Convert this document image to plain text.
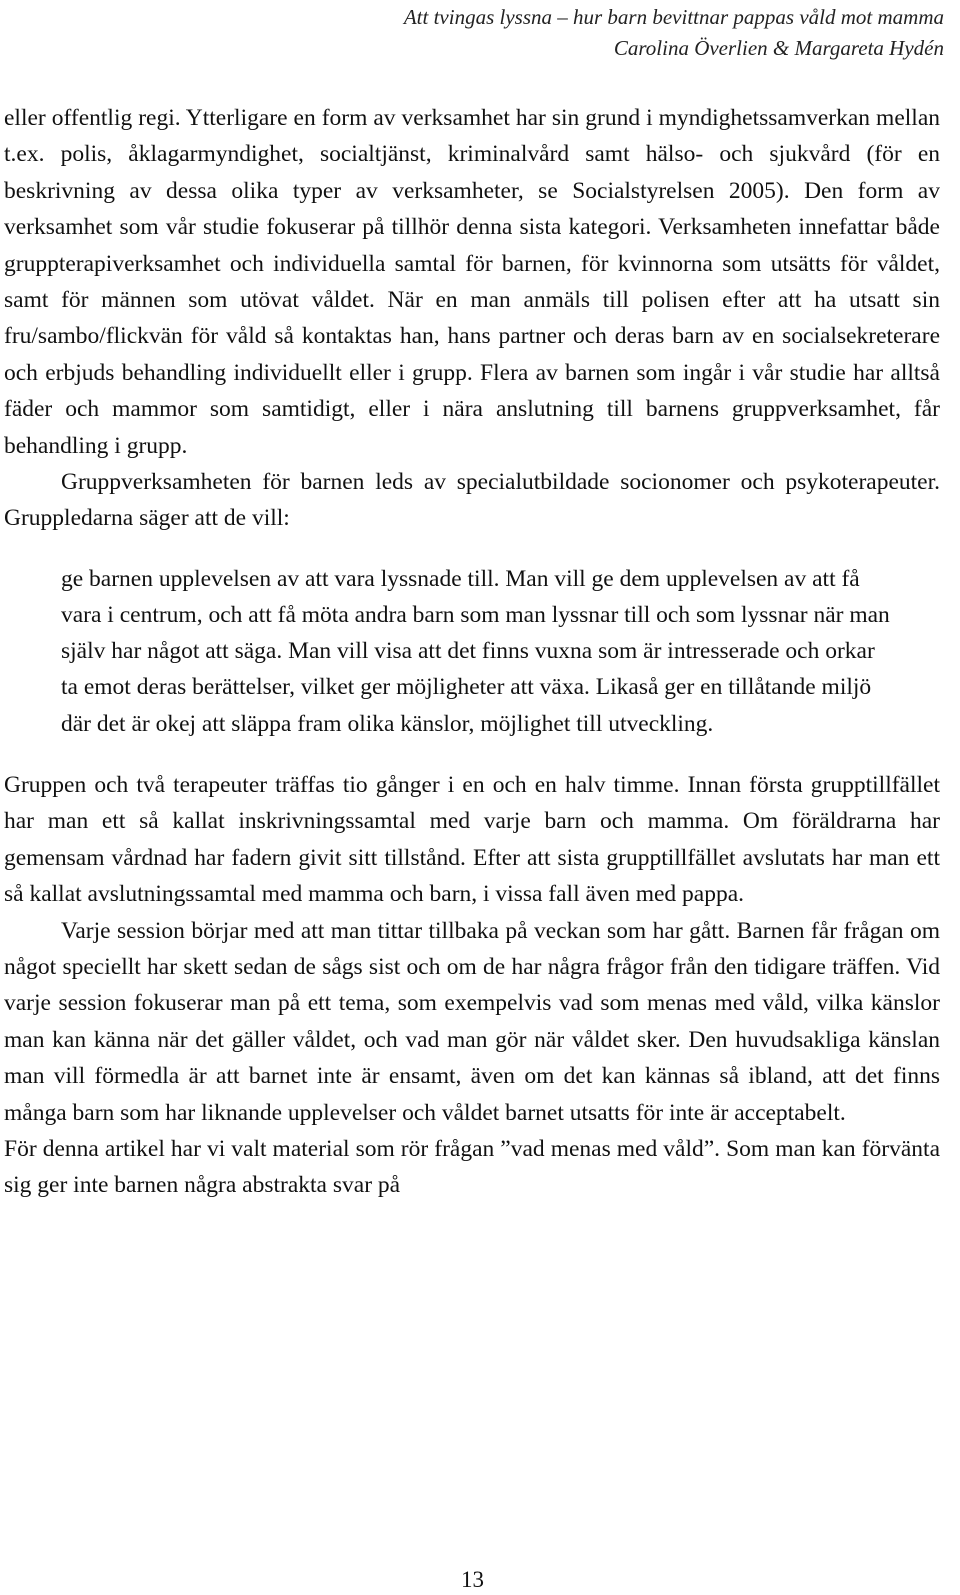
Att tvingas lyssna – hur barn bevittnar pappas våld mot mamma
Carolina Överlien & Margareta Hydén

eller offentlig regi. Ytterligare en form av verksamhet har sin grund i myndighetssamverkan mellan t.ex. polis, åklagarmyndighet, socialtjänst, kriminalvård samt hälso- och sjukvård (för en beskrivning av dessa olika typer av verksamheter, se Socialstyrelsen 2005). Den form av verksamhet som vår studie fokuserar på tillhör denna sista kategori. Verksamheten innefattar både gruppterapiverksamhet och individuella samtal för barnen, för kvinnorna som utsätts för våldet, samt för männen som utövat våldet. När en man anmäls till polisen efter att ha utsatt sin fru/sambo/flickvän för våld så kontaktas han, hans partner och deras barn av en socialsekreterare och erbjuds behandling individuellt eller i grupp. Flera av barnen som ingår i vår studie har alltså fäder och mammor som samtidigt, eller i nära anslutning till barnens gruppverksamhet, får behandling i grupp.

Gruppverksamheten för barnen leds av specialutbildade socionomer och psykoterapeuter. Gruppledarna säger att de vill:

ge barnen upplevelsen av att vara lyssnade till. Man vill ge dem upplevelsen av att få vara i centrum, och att få möta andra barn som man lyssnar till och som lyssnar när man själv har något att säga. Man vill visa att det finns vuxna som är intresserade och orkar ta emot deras berättelser, vilket ger möjligheter att växa. Likaså ger en tillåtande miljö där det är okej att släppa fram olika känslor, möjlighet till utveckling.

Gruppen och två terapeuter träffas tio gånger i en och en halv timme. Innan första grupptillfället har man ett så kallat inskrivningssamtal med varje barn och mamma. Om föräldrarna har gemensam vårdnad har fadern givit sitt tillstånd. Efter att sista grupptillfället avslutats har man ett så kallat avslutningssamtal med mamma och barn, i vissa fall även med pappa.

Varje session börjar med att man tittar tillbaka på veckan som har gått. Barnen får frågan om något speciellt har skett sedan de sågs sist och om de har några frågor från den tidigare träffen. Vid varje session fokuserar man på ett tema, som exempelvis vad som menas med våld, vilka känslor man kan känna när det gäller våldet, och vad man gör när våldet sker. Den huvudsakliga känslan man vill förmedla är att barnet inte är ensamt, även om det kan kännas så ibland, att det finns många barn som har liknande upplevelser och våldet barnet utsatts för inte är acceptabelt.

För denna artikel har vi valt material som rör frågan ”vad menas med våld”. Som man kan förvänta sig ger inte barnen några abstrakta svar på

13
